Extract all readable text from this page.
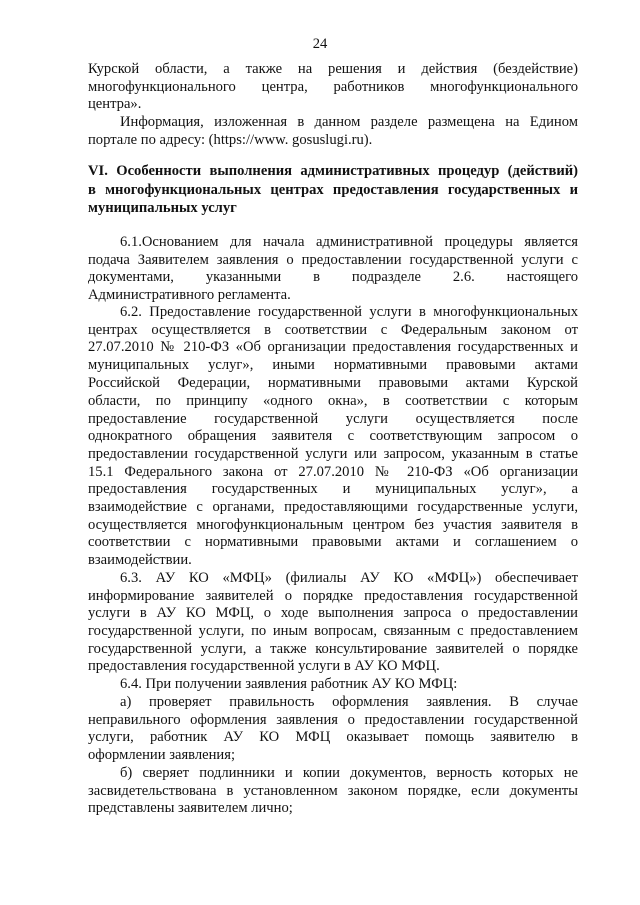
24
Курской области, а также на решения и действия (бездействие)
многофункционального центра, работников многофункционального
центра».
Информация, изложенная в данном разделе размещена на Едином
портале по адресу: (https://www. gosuslugi.ru).
VI. Особенности выполнения административных процедур (действий)
в многофункциональных центрах предоставления государственных и
муниципальных услуг
6.1.Основанием для начала административной процедуры является
подача Заявителем заявления о предоставлении государственной услуги с
документами, указанными в подразделе 2.6. настоящего
Административного регламента.
6.2. Предоставление государственной услуги в многофункциональных
центрах осуществляется в соответствии с Федеральным законом от
27.07.2010 № 210-ФЗ «Об организации предоставления государственных и
муниципальных услуг», иными нормативными правовыми актами
Российской Федерации, нормативными правовыми актами Курской
области, по принципу «одного окна», в соответствии с которым
предоставление государственной услуги осуществляется после
однократного обращения заявителя с соответствующим запросом о
предоставлении государственной услуги или запросом, указанным в статье
15.1 Федерального закона от 27.07.2010 № 210-ФЗ «Об организации
предоставления государственных и муниципальных услуг», а
взаимодействие с органами, предоставляющими государственные услуги,
осуществляется многофункциональным центром без участия заявителя в
соответствии с нормативными правовыми актами и соглашением о
взаимодействии.
6.3. АУ КО «МФЦ» (филиалы АУ КО «МФЦ») обеспечивает
информирование заявителей о порядке предоставления государственной
услуги в АУ КО МФЦ, о ходе выполнения запроса о предоставлении
государственной услуги, по иным вопросам, связанным с предоставлением
государственной услуги, а также консультирование заявителей о порядке
предоставления государственной услуги в АУ КО МФЦ.
6.4. При получении заявления работник АУ КО МФЦ:
а) проверяет правильность оформления заявления. В случае
неправильного оформления заявления о предоставлении государственной
услуги, работник АУ КО МФЦ оказывает помощь заявителю в
оформлении заявления;
б) сверяет подлинники и копии документов, верность которых не
засвидетельствована в установленном законом порядке, если документы
представлены заявителем лично;
